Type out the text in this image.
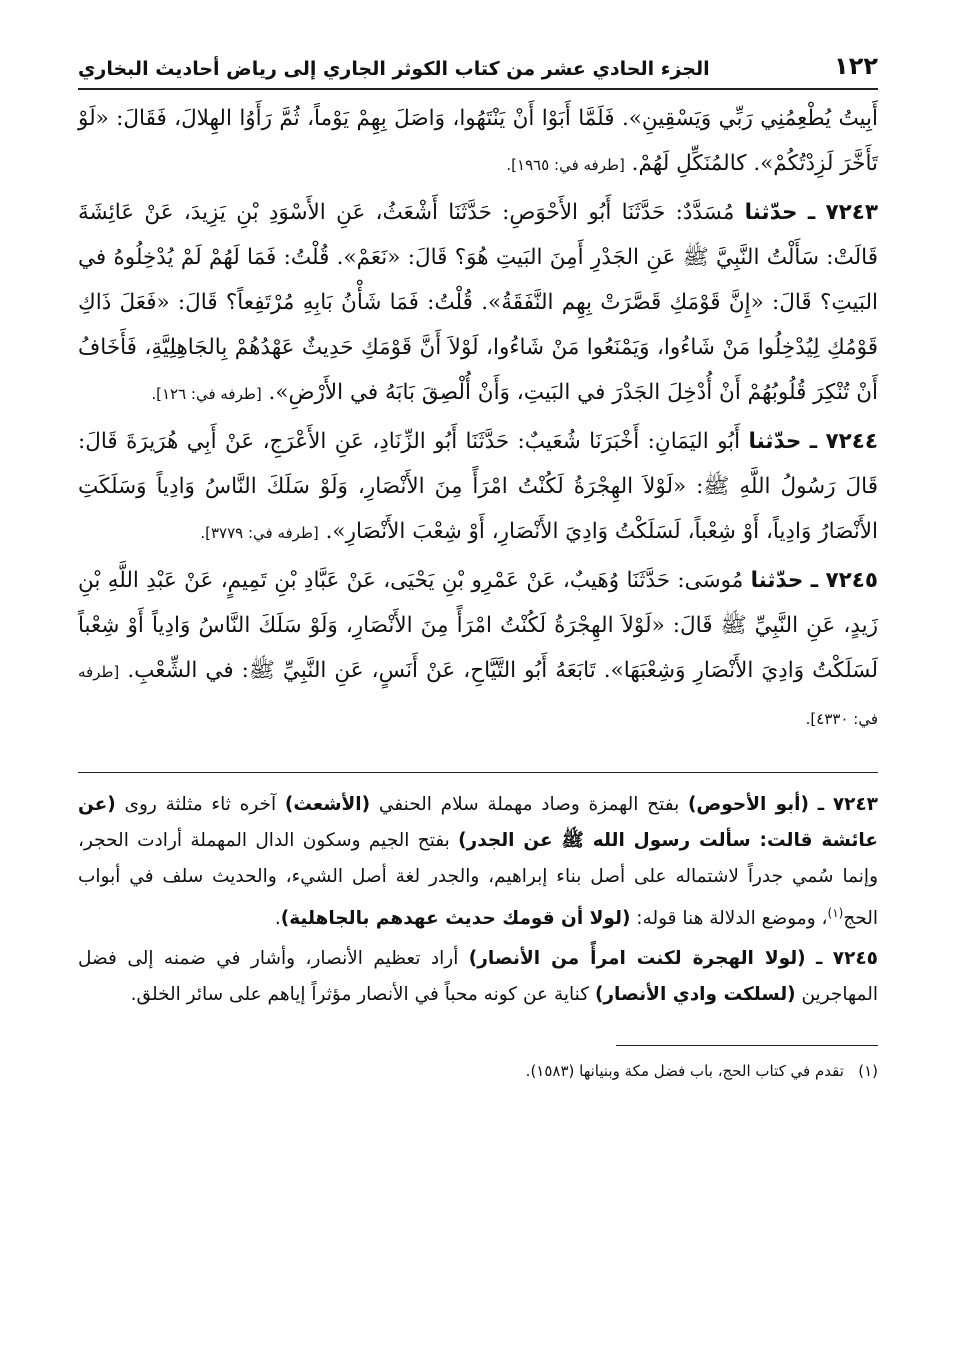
١٢٢
الجزء الحادي عشر من كتاب الكوثر الجاري إلى رياض أحاديث البخاري

أَبِيتُ يُطْعِمُنِي رَبِّي وَيَسْقِينِ». فَلَمَّا أَبَوْا أَنْ يَنْتَهُوا، وَاصَلَ بِهِمْ يَوْماً، ثُمَّ رَأَوُا الهِلالَ، فَقَالَ: «لَوْ تَأَخَّرَ لَزِدْتُكُمْ». كالمُنَكِّلِ لَهُمْ. [طرفه في: ١٩٦٥].

٧٢٤٣ ـ حدّثنا مُسَدَّدٌ: حَدَّثَنَا أَبُو الأَحْوَصِ: حَدَّثَنَا أَشْعَثُ، عَنِ الأَسْوَدِ بْنِ يَزِيدَ، عَنْ عَائِشَةَ قَالَتْ: سَأَلْتُ النَّبِيَّ ﷺ عَنِ الجَدْرِ أَمِنَ البَيتِ هُوَ؟ قَالَ: «نَعَمْ». قُلْتُ: فَمَا لَهُمْ لَمْ يُدْخِلُوهُ في البَيتِ؟ قَالَ: «إِنَّ قَوْمَكِ قَصَّرَتْ بِهِم النَّفَقَةُ». قُلْتُ: فَمَا شَأْنُ بَابِهِ مُرْتَفِعاً؟ قَالَ: «فَعَلَ ذَاكِ قَوْمُكِ لِيُدْخِلُوا مَنْ شَاءُوا، وَيَمْنَعُوا مَنْ شَاءُوا، لَوْلاَ أَنَّ قَوْمَكِ حَدِيثٌ عَهْدُهُمْ بِالجَاهِلِيَّةِ، فَأَخَافُ أَنْ تُنْكِرَ قُلُوبُهُمْ أَنْ أُدْخِلَ الجَدْرَ في البَيتِ، وَأَنْ أُلْصِقَ بَابَهُ في الأَرْضِ». [طرفه في: ١٢٦].

٧٢٤٤ ـ حدّثنا أَبُو اليَمَانِ: أَخْبَرَنَا شُعَيبٌ: حَدَّثَنَا أَبُو الزِّنَادِ، عَنِ الأَعْرَجِ، عَنْ أَبِي هُرَيرَةَ قَالَ: قَالَ رَسُولُ اللَّهِ ﷺ: «لَوْلاَ الهِجْرَةُ لَكُنْتُ امْرَأً مِنَ الأَنْصَارِ، وَلَوْ سَلَكَ النَّاسُ وَادِياً وَسَلَكَتِ الأَنْصَارُ وَادِياً، أَوْ شِعْباً، لَسَلَكْتُ وَادِيَ الأَنْصَارِ، أَوْ شِعْبَ الأَنْصَارِ». [طرفه في: ٣٧٧٩].

٧٢٤٥ ـ حدّثنا مُوسَى: حَدَّثَنَا وُهَيبٌ، عَنْ عَمْرِو بْنِ يَحْيَى، عَنْ عَبَّادِ بْنِ تَمِيمٍ، عَنْ عَبْدِ اللَّهِ بْنِ زَيدٍ، عَنِ النَّبِيِّ ﷺ قَالَ: «لَوْلاَ الهِجْرَةُ لَكُنْتُ امْرَأً مِنَ الأَنْصَارِ، وَلَوْ سَلَكَ النَّاسُ وَادِياً أَوْ شِعْباً لَسَلَكْتُ وَادِيَ الأَنْصَارِ وَشِعْبَهَا». تَابَعَهُ أَبُو التَّيَّاحِ، عَنْ أَنَسٍ، عَنِ النَّبِيِّ ﷺ: في الشِّعْبِ. [طرفه في: ٤٣٣٠].

٧٢٤٣ ـ (أبو الأحوص) بفتح الهمزة وصاد مهملة سلام الحنفي (الأشعث) آخره ثاء مثلثة روى (عن عائشة قالت: سألت رسول الله ﷺ عن الجدر) بفتح الجيم وسكون الدال المهملة أرادت الحجر، وإنما سُمي جدراً لاشتماله على أصل بناء إبراهيم، والجدر لغة أصل الشيء، والحديث سلف في أبواب الحج$^{(١)}$، وموضع الدلالة هنا قوله: (لولا أن قومك حديث عهدهم بالجاهلية).

٧٢٤٥ ـ (لولا الهجرة لكنت امرأً من الأنصار) أراد تعظيم الأنصار، وأشار في ضمنه إلى فضل المهاجرين (لسلكت وادي الأنصار) كناية عن كونه محباً في الأنصار مؤثراً إياهم على سائر الخلق.

(١)   تقدم في كتاب الحج، باب فضل مكة وبنيانها (١٥٨٣).
